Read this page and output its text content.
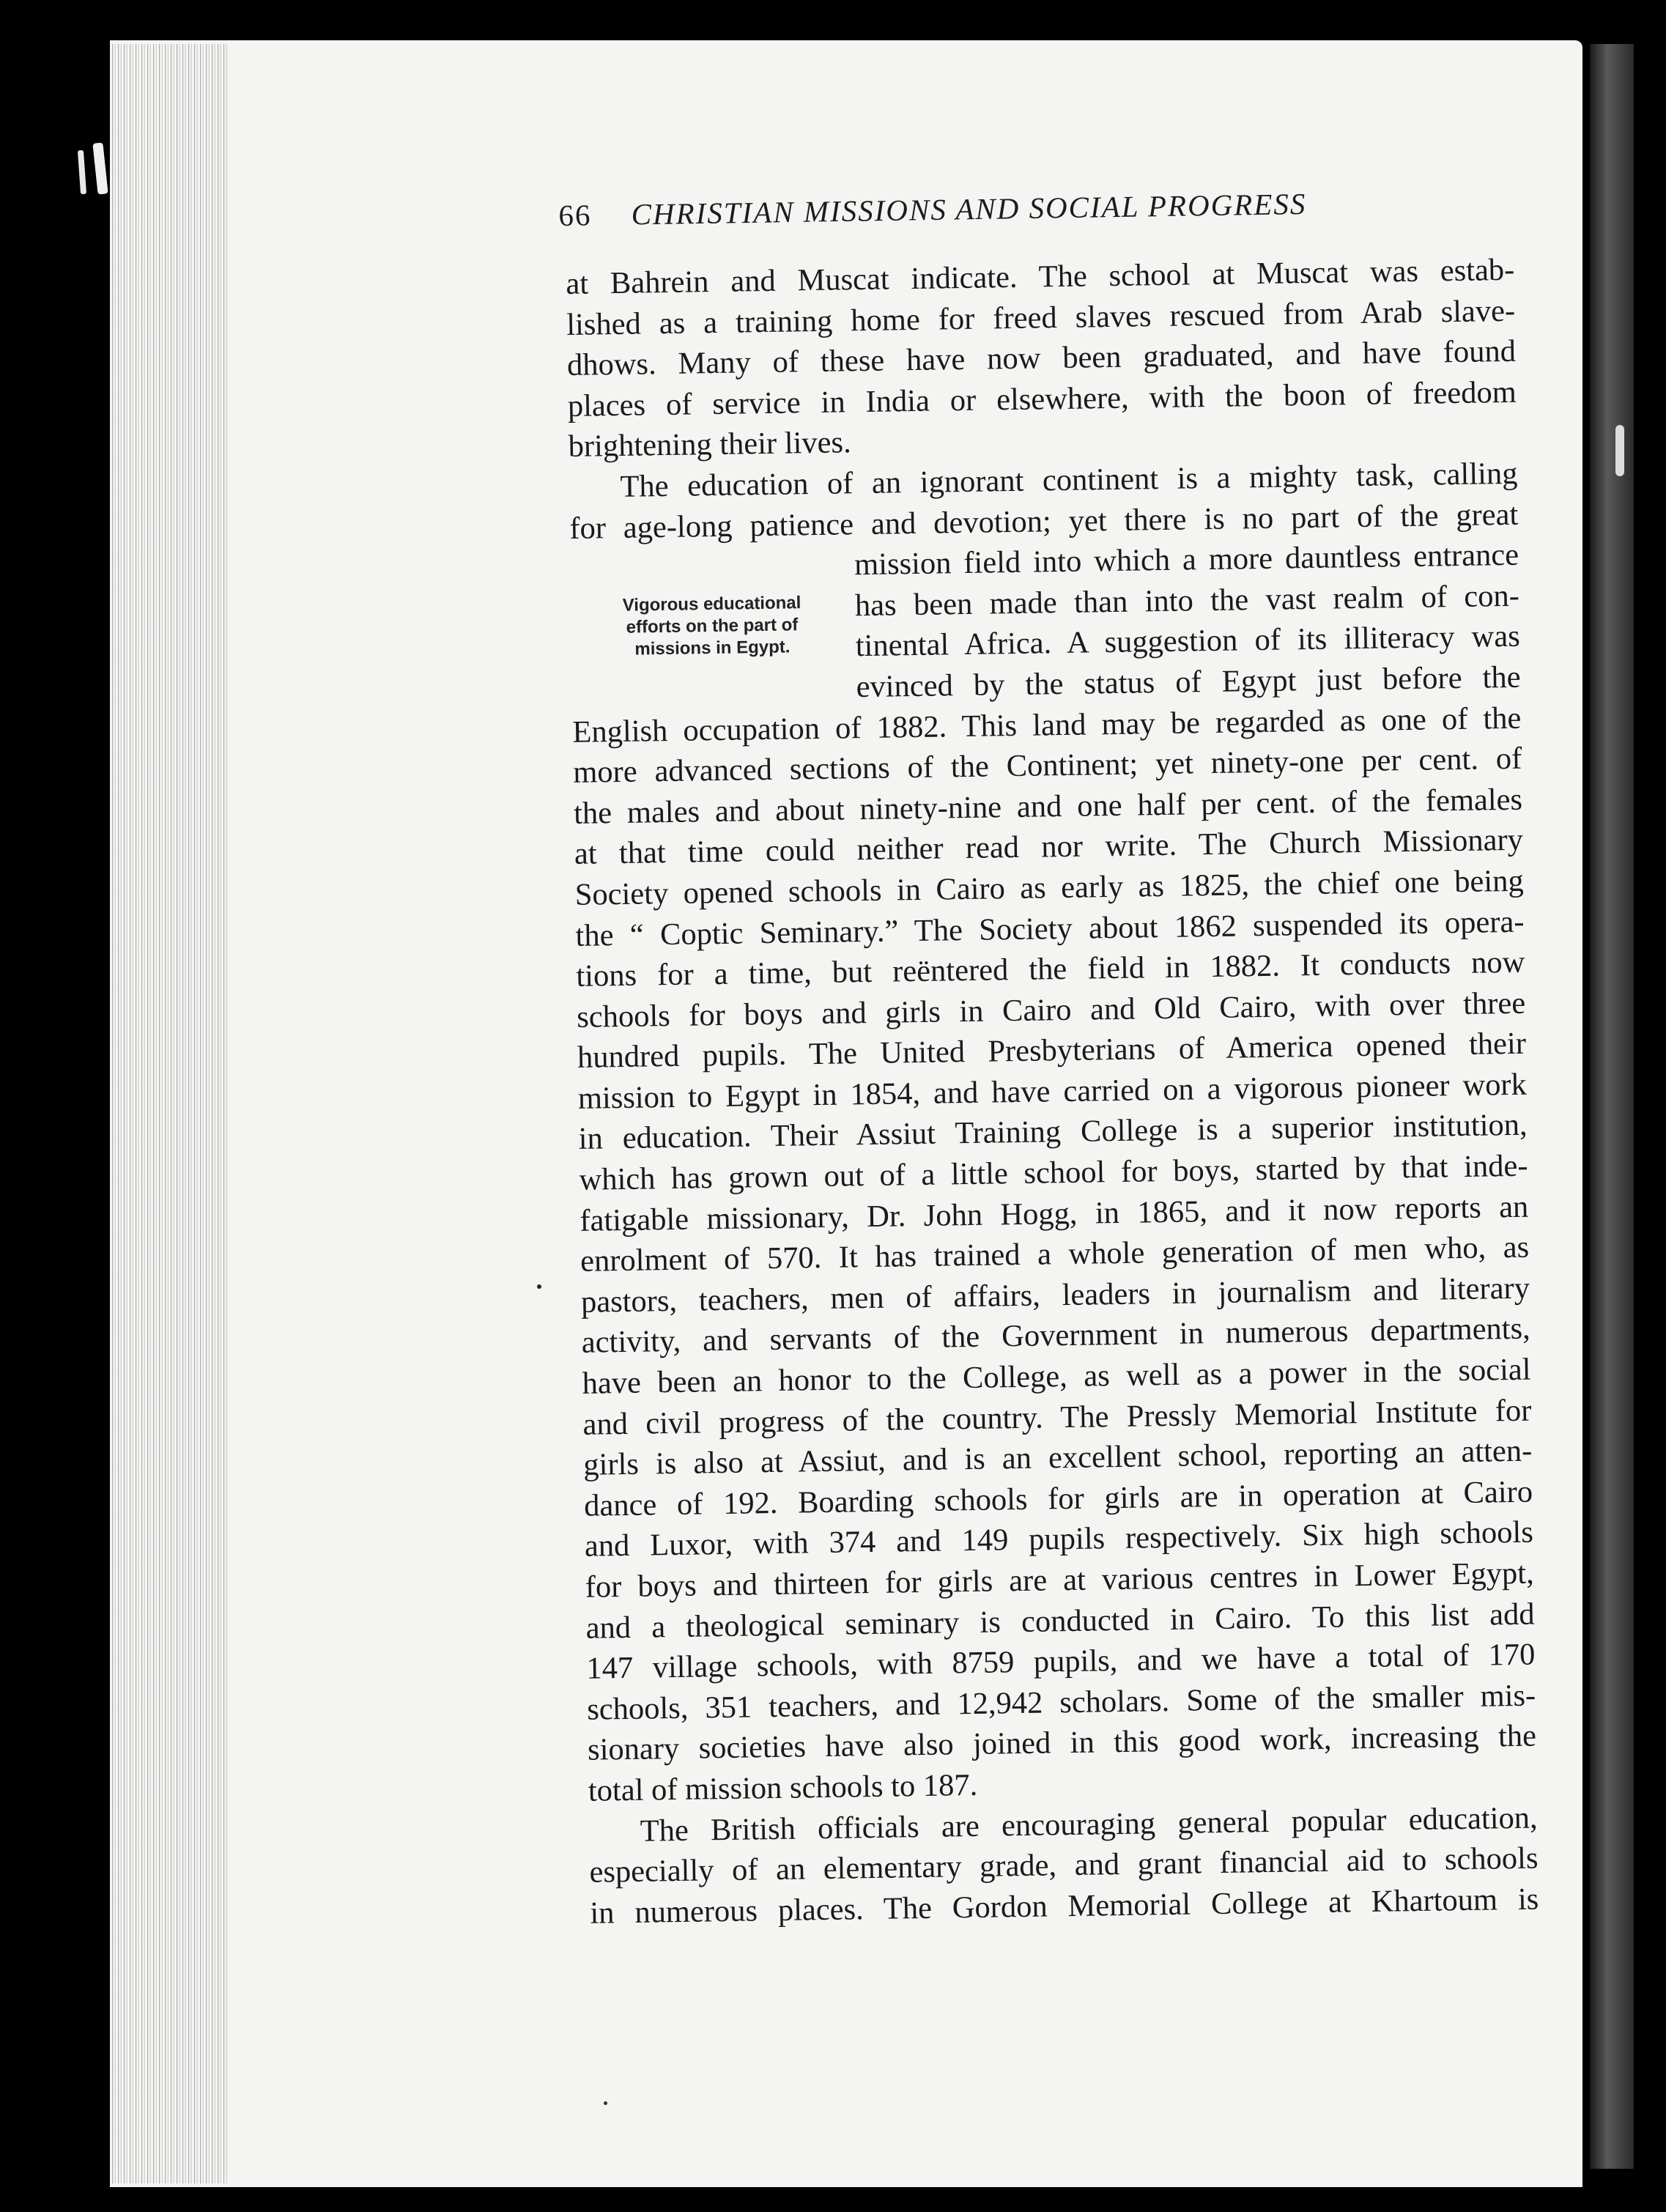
66 CHRISTIAN MISSIONS AND SOCIAL PROGRESS
Vigorous educational
efforts on the part of
missions in Egypt.
at Bahrein and Muscat indicate. The school at Muscat was estab-
lished as a training home for freed slaves rescued from Arab slave-
dhows. Many of these have now been graduated, and have found
places of service in India or elsewhere, with the boon of freedom
brightening their lives.
The education of an ignorant continent is a mighty task, calling
for age-long patience and devotion; yet there is no part of the great
mission field into which a more dauntless entrance
has been made than into the vast realm of con-
tinental Africa. A suggestion of its illiteracy was
evinced by the status of Egypt just before the
English occupation of 1882. This land may be regarded as one of the
more advanced sections of the Continent; yet ninety-one per cent. of
the males and about ninety-nine and one half per cent. of the females
at that time could neither read nor write. The Church Missionary
Society opened schools in Cairo as early as 1825, the chief one being
the “ Coptic Seminary.” The Society about 1862 suspended its opera-
tions for a time, but reëntered the field in 1882. It conducts now
schools for boys and girls in Cairo and Old Cairo, with over three
hundred pupils. The United Presbyterians of America opened their
mission to Egypt in 1854, and have carried on a vigorous pioneer work
in education. Their Assiut Training College is a superior institution,
which has grown out of a little school for boys, started by that inde-
fatigable missionary, Dr. John Hogg, in 1865, and it now reports an
enrolment of 570. It has trained a whole generation of men who, as
pastors, teachers, men of affairs, leaders in journalism and literary
activity, and servants of the Government in numerous departments,
have been an honor to the College, as well as a power in the social
and civil progress of the country. The Pressly Memorial Institute for
girls is also at Assiut, and is an excellent school, reporting an atten-
dance of 192. Boarding schools for girls are in operation at Cairo
and Luxor, with 374 and 149 pupils respectively. Six high schools
for boys and thirteen for girls are at various centres in Lower Egypt,
and a theological seminary is conducted in Cairo. To this list add
147 village schools, with 8759 pupils, and we have a total of 170
schools, 351 teachers, and 12,942 scholars. Some of the smaller mis-
sionary societies have also joined in this good work, increasing the
total of mission schools to 187.
The British officials are encouraging general popular education,
especially of an elementary grade, and grant financial aid to schools
in numerous places. The Gordon Memorial College at Khartoum is
